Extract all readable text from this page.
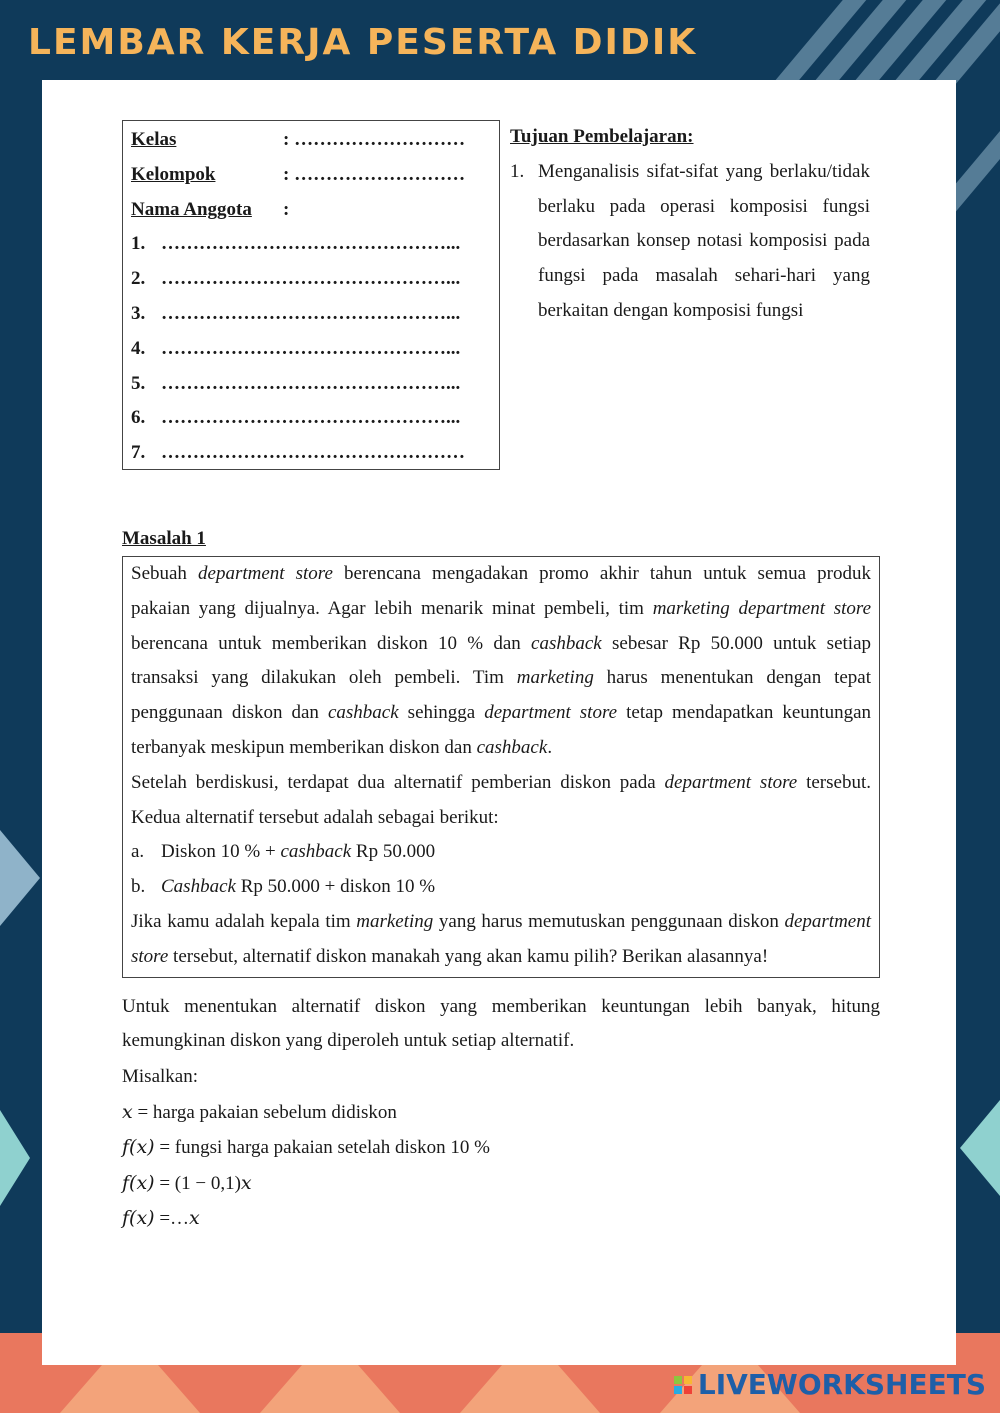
LEMBAR KERJA PESERTA DIDIK
Kelas	: ………………………
Kelompok	: ………………………
Nama Anggota	:
1. ………………………………………...
2. ………………………………………...
3. ………………………………………...
4. ………………………………………...
5. ………………………………………...
6. ………………………………………...
7. …………………………………………
Tujuan Pembelajaran:
1. Menganalisis sifat-sifat yang berlaku/tidak berlaku pada operasi komposisi fungsi berdasarkan konsep notasi komposisi pada fungsi pada masalah sehari-hari yang berkaitan dengan komposisi fungsi
Masalah 1
Sebuah department store berencana mengadakan promo akhir tahun untuk semua produk pakaian yang dijualnya. Agar lebih menarik minat pembeli, tim marketing department store berencana untuk memberikan diskon 10 % dan cashback sebesar Rp 50.000 untuk setiap transaksi yang dilakukan oleh pembeli. Tim marketing harus menentukan dengan tepat penggunaan diskon dan cashback sehingga department store tetap mendapatkan keuntungan terbanyak meskipun memberikan diskon dan cashback.
Setelah berdiskusi, terdapat dua alternatif pemberian diskon pada department store tersebut. Kedua alternatif tersebut adalah sebagai berikut:
a. Diskon 10 % + cashback Rp 50.000
b. Cashback Rp 50.000 + diskon 10 %
Jika kamu adalah kepala tim marketing yang harus memutuskan penggunaan diskon department store tersebut, alternatif diskon manakah yang akan kamu pilih? Berikan alasannya!
Untuk menentukan alternatif diskon yang memberikan keuntungan lebih banyak, hitung kemungkinan diskon yang diperoleh untuk setiap alternatif.
Misalkan:
x = harga pakaian sebelum didiskon
f(x) = fungsi harga pakaian setelah diskon 10 %
f(x) = (1 − 0,1)x
f(x) =…x
LIVEWORKSHEETS
